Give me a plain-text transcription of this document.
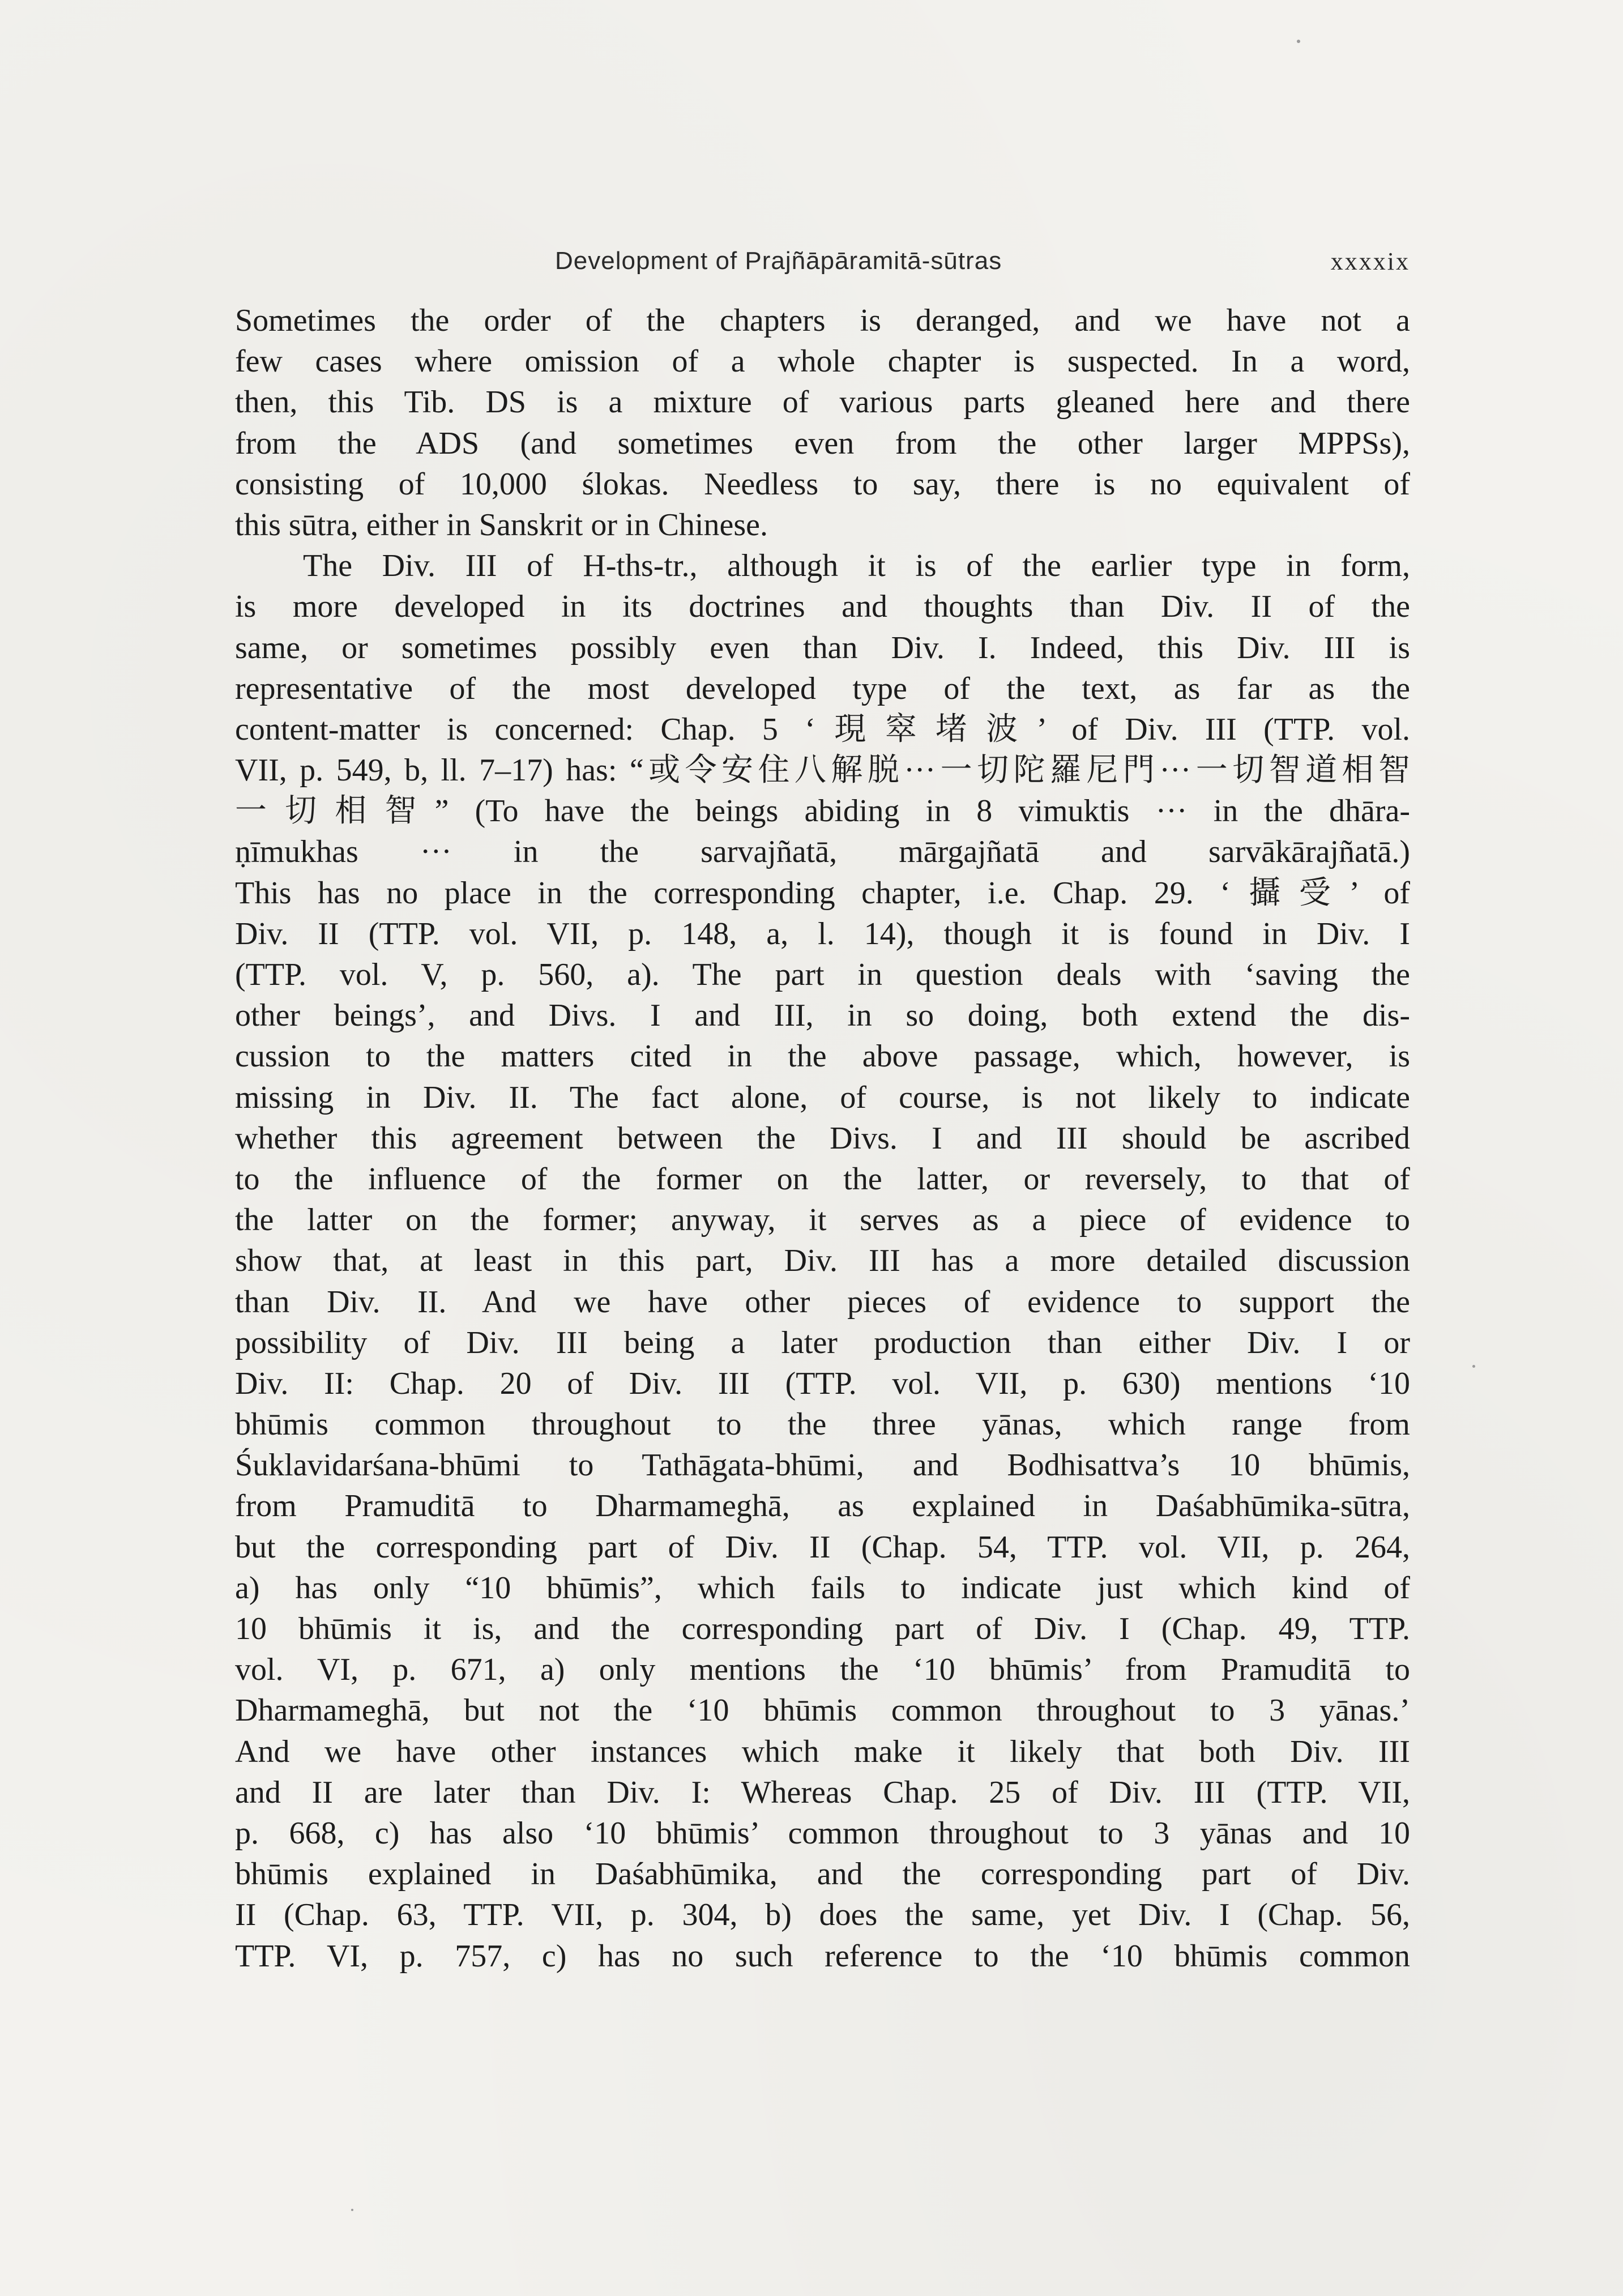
Development of Prajñāpāramitā-sūtras	xxxxix
Sometimes the order of the chapters is deranged, and we have not a
few cases where omission of a whole chapter is suspected. In a word,
then, this Tib. DS is a mixture of various parts gleaned here and there
from the ADS (and sometimes even from the other larger MPPSs),
consisting of 10,000 ślokas. Needless to say, there is no equivalent of
this sūtra, either in Sanskrit or in Chinese.
The Div. III of H-ths-tr., although it is of the earlier type in form,
is more developed in its doctrines and thoughts than Div. II of the
same, or sometimes possibly even than Div. I. Indeed, this Div. III is
representative of the most developed type of the text, as far as the
content-matter is concerned: Chap. 5 ‘現窣堵波’ of Div. III (TTP. vol.
VII, p. 549, b, ll. 7–17) has: “或令安住八解脱···一切陀羅尼門···一切智道相智
一切相智” (To have the beings abiding in 8 vimuktis ··· in the dhāra-
ṇīmukhas ··· in the sarvajñatā, mārgajñatā and sarvākārajñatā.)
This has no place in the corresponding chapter, i.e. Chap. 29. ‘攝受’ of
Div. II (TTP. vol. VII, p. 148, a, l. 14), though it is found in Div. I
(TTP. vol. V, p. 560, a). The part in question deals with ‘saving the
other beings’, and Divs. I and III, in so doing, both extend the dis-
cussion to the matters cited in the above passage, which, however, is
missing in Div. II. The fact alone, of course, is not likely to indicate
whether this agreement between the Divs. I and III should be ascribed
to the influence of the former on the latter, or reversely, to that of
the latter on the former; anyway, it serves as a piece of evidence to
show that, at least in this part, Div. III has a more detailed discussion
than Div. II. And we have other pieces of evidence to support the
possibility of Div. III being a later production than either Div. I or
Div. II: Chap. 20 of Div. III (TTP. vol. VII, p. 630) mentions ‘10
bhūmis common throughout to the three yānas, which range from
Śuklavidarśana-bhūmi to Tathāgata-bhūmi, and Bodhisattva’s 10 bhūmis,
from Pramuditā to Dharmameghā, as explained in Daśabhūmika-sūtra,
but the corresponding part of Div. II (Chap. 54, TTP. vol. VII, p. 264,
a) has only “10 bhūmis”, which fails to indicate just which kind of
10 bhūmis it is, and the corresponding part of Div. I (Chap. 49, TTP.
vol. VI, p. 671, a) only mentions the ‘10 bhūmis’ from Pramuditā to
Dharmameghā, but not the ‘10 bhūmis common throughout to 3 yānas.’
And we have other instances which make it likely that both Div. III
and II are later than Div. I: Whereas Chap. 25 of Div. III (TTP. VII,
p. 668, c) has also ‘10 bhūmis’ common throughout to 3 yānas and 10
bhūmis explained in Daśabhūmika, and the corresponding part of Div.
II (Chap. 63, TTP. VII, p. 304, b) does the same, yet Div. I (Chap. 56,
TTP. VI, p. 757, c) has no such reference to the ‘10 bhūmis common
